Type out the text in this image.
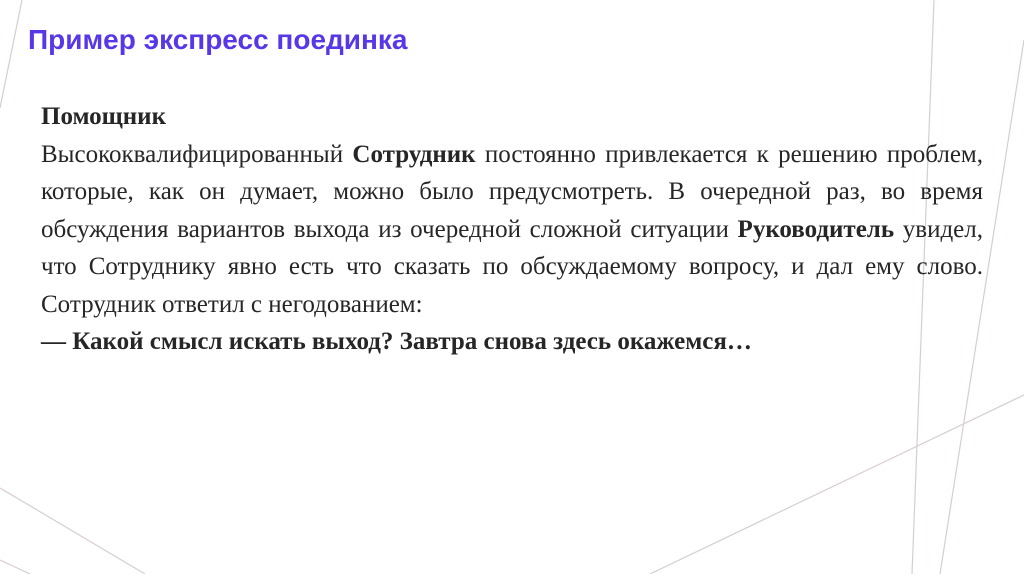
Пример экспресс поединка

Помощник

Высококвалифицированный Сотрудник постоянно привлекается к решению проблем, которые, как он думает, можно было предусмотреть. В очередной раз, во время обсуждения вариантов выхода из очередной сложной ситуации Руководитель увидел, что Сотруднику явно есть что сказать по обсуждаемому вопросу, и дал ему слово. Сотрудник ответил с негодованием:

— Какой смысл искать выход? Завтра снова здесь окажемся…
